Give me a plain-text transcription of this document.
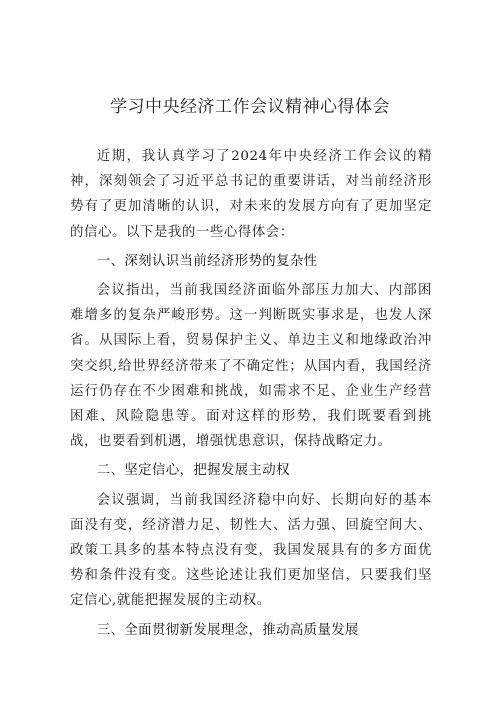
学习中央经济工作会议精神心得体会

近期，我认真学习了2024年中央经济工作会议的精神，深刻领会了习近平总书记的重要讲话，对当前经济形势有了更加清晰的认识，对未来的发展方向有了更加坚定的信心。以下是我的一些心得体会：

一、深刻认识当前经济形势的复杂性

会议指出，当前我国经济面临外部压力加大、内部困难增多的复杂严峻形势。这一判断既实事求是，也发人深省。从国际上看，贸易保护主义、单边主义和地缘政治冲突交织,给世界经济带来了不确定性；从国内看，我国经济运行仍存在不少困难和挑战，如需求不足、企业生产经营困难、风险隐患等。面对这样的形势，我们既要看到挑战，也要看到机遇，增强忧患意识，保持战略定力。

二、坚定信心，把握发展主动权

会议强调，当前我国经济稳中向好、长期向好的基本面没有变，经济潜力足、韧性大、活力强、回旋空间大、政策工具多的基本特点没有变，我国发展具有的多方面优势和条件没有变。这些论述让我们更加坚信，只要我们坚定信心,就能把握发展的主动权。

三、全面贯彻新发展理念，推动高质量发展
